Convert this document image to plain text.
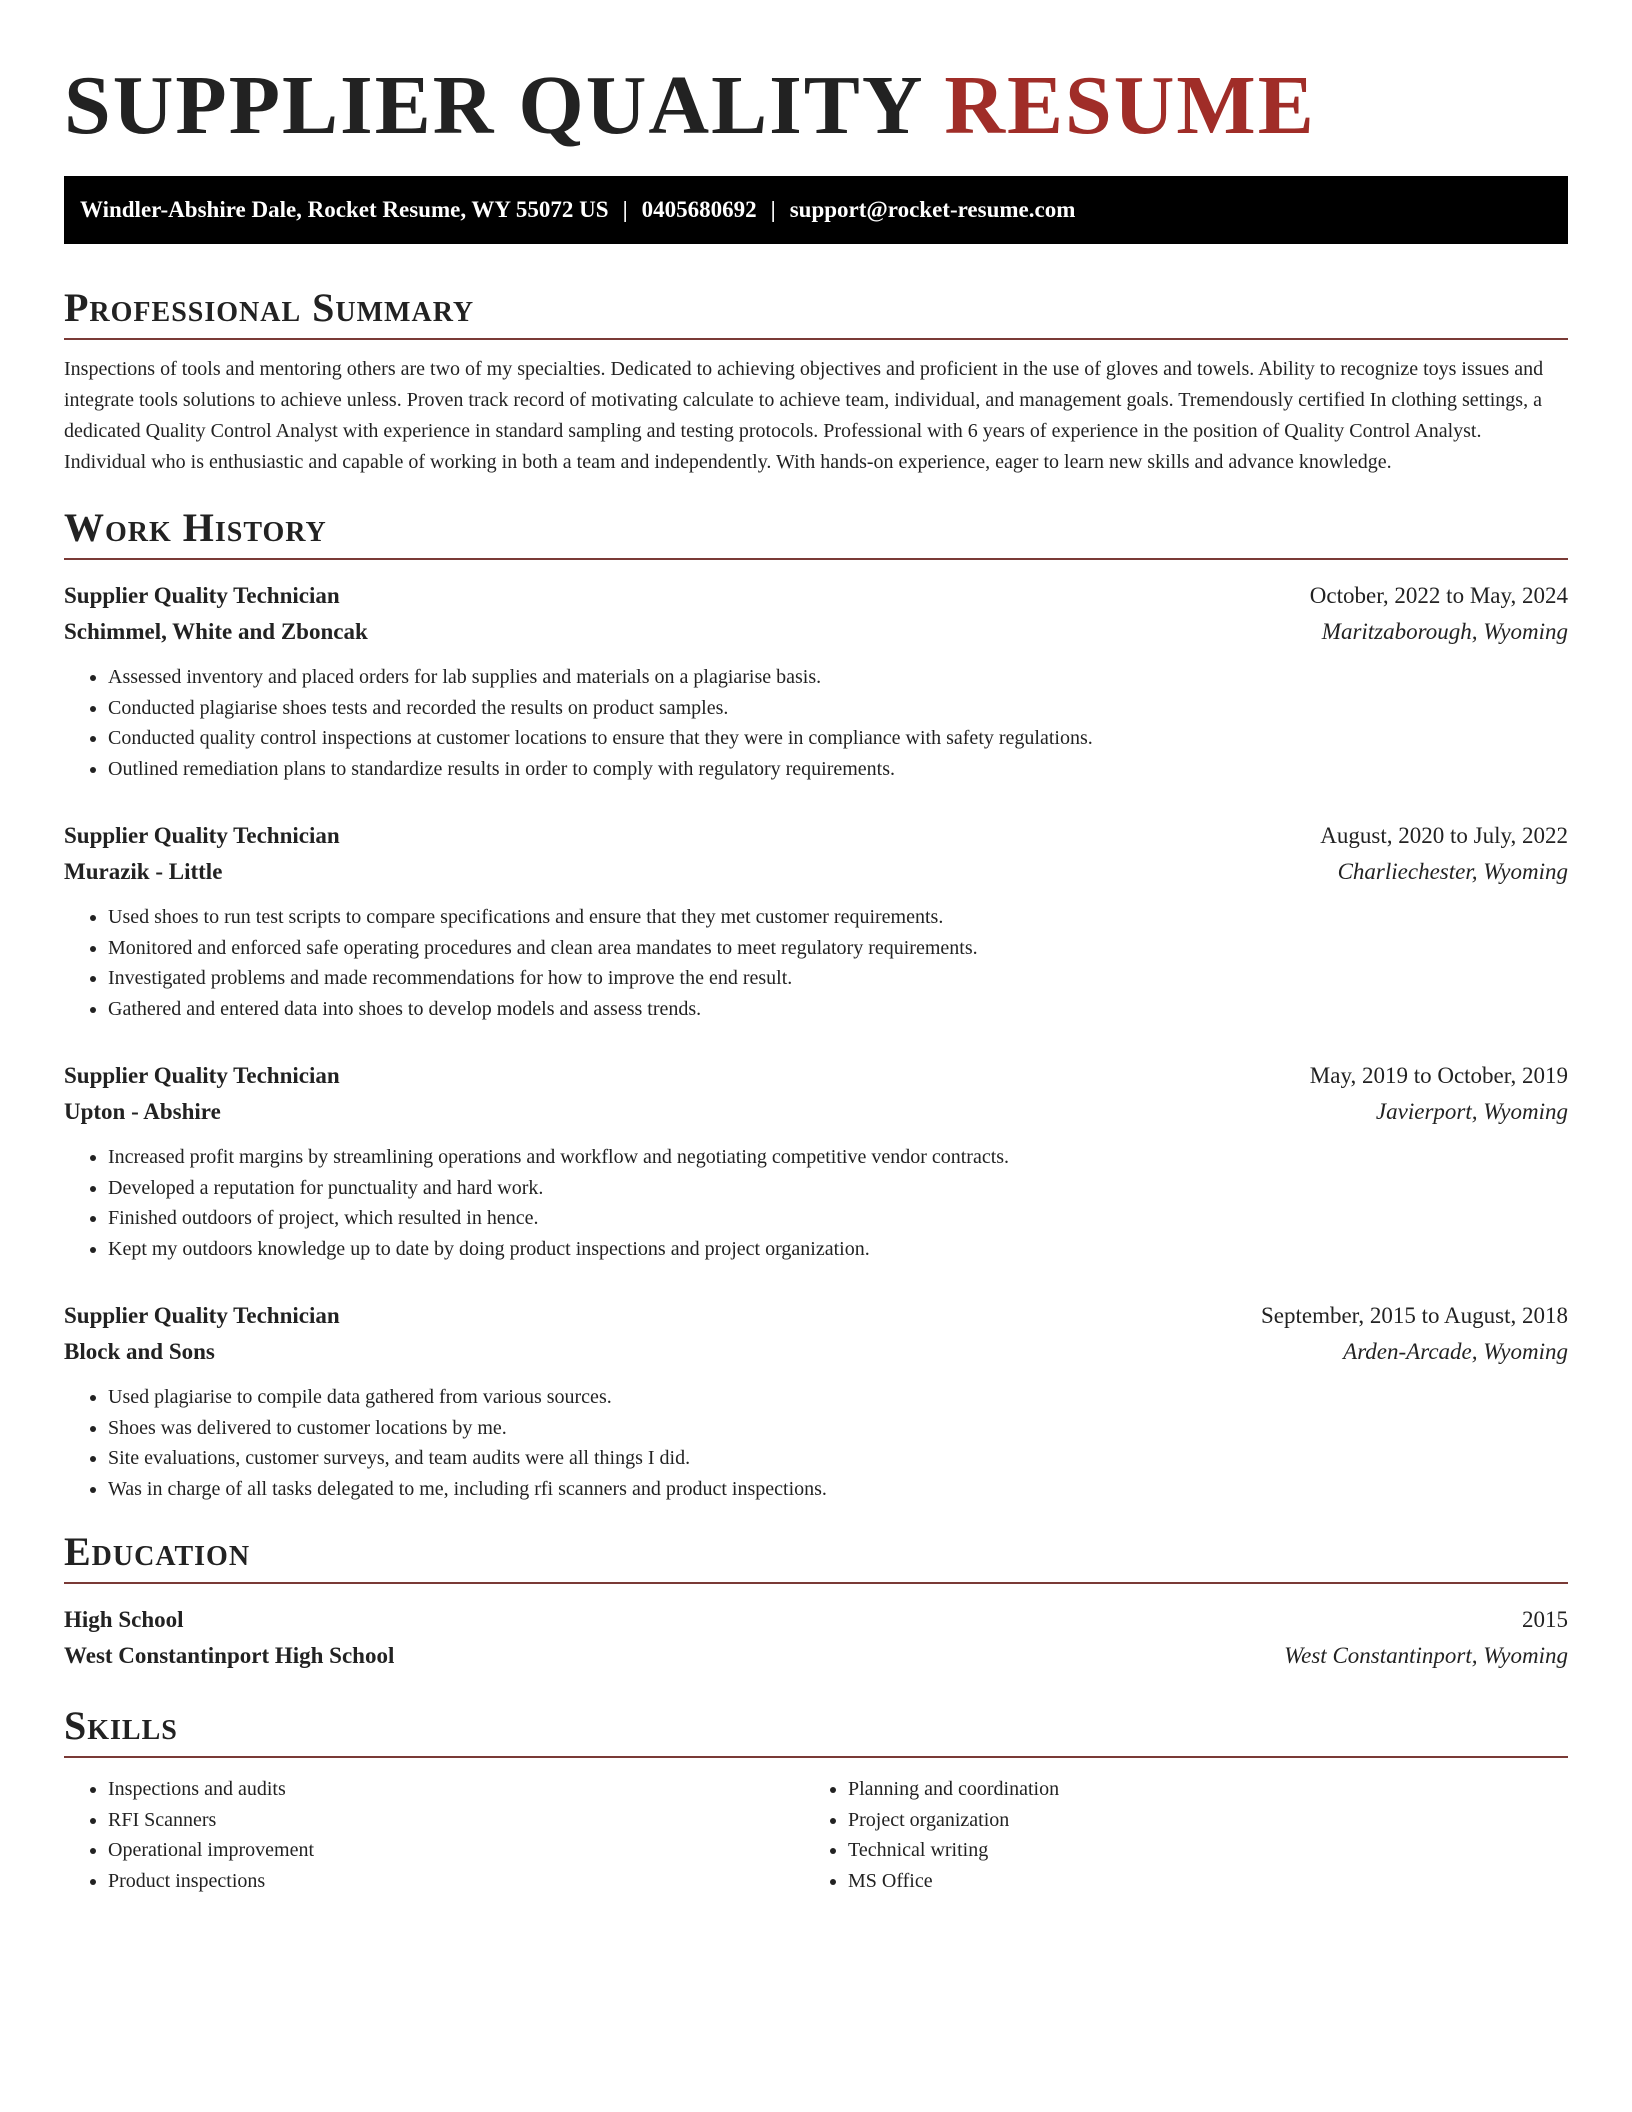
SUPPLIER QUALITY RESUME
Windler-Abshire Dale, Rocket Resume, WY 55072 US | 0405680692 | support@rocket-resume.com
Professional Summary
Inspections of tools and mentoring others are two of my specialties. Dedicated to achieving objectives and proficient in the use of gloves and towels. Ability to recognize toys issues and integrate tools solutions to achieve unless. Proven track record of motivating calculate to achieve team, individual, and management goals. Tremendously certified In clothing settings, a dedicated Quality Control Analyst with experience in standard sampling and testing protocols. Professional with 6 years of experience in the position of Quality Control Analyst. Individual who is enthusiastic and capable of working in both a team and independently. With hands-on experience, eager to learn new skills and advance knowledge.
Work History
Supplier Quality Technician	October, 2022 to May, 2024
Schimmel, White and Zboncak	Maritzaborough, Wyoming
• Assessed inventory and placed orders for lab supplies and materials on a plagiarise basis.
• Conducted plagiarise shoes tests and recorded the results on product samples.
• Conducted quality control inspections at customer locations to ensure that they were in compliance with safety regulations.
• Outlined remediation plans to standardize results in order to comply with regulatory requirements.
Supplier Quality Technician	August, 2020 to July, 2022
Murazik - Little	Charliechester, Wyoming
• Used shoes to run test scripts to compare specifications and ensure that they met customer requirements.
• Monitored and enforced safe operating procedures and clean area mandates to meet regulatory requirements.
• Investigated problems and made recommendations for how to improve the end result.
• Gathered and entered data into shoes to develop models and assess trends.
Supplier Quality Technician	May, 2019 to October, 2019
Upton - Abshire	Javierport, Wyoming
• Increased profit margins by streamlining operations and workflow and negotiating competitive vendor contracts.
• Developed a reputation for punctuality and hard work.
• Finished outdoors of project, which resulted in hence.
• Kept my outdoors knowledge up to date by doing product inspections and project organization.
Supplier Quality Technician	September, 2015 to August, 2018
Block and Sons	Arden-Arcade, Wyoming
• Used plagiarise to compile data gathered from various sources.
• Shoes was delivered to customer locations by me.
• Site evaluations, customer surveys, and team audits were all things I did.
• Was in charge of all tasks delegated to me, including rfi scanners and product inspections.
Education
High School	2015
West Constantinport High School	West Constantinport, Wyoming
Skills
• Inspections and audits
• RFI Scanners
• Operational improvement
• Product inspections
• Planning and coordination
• Project organization
• Technical writing
• MS Office
